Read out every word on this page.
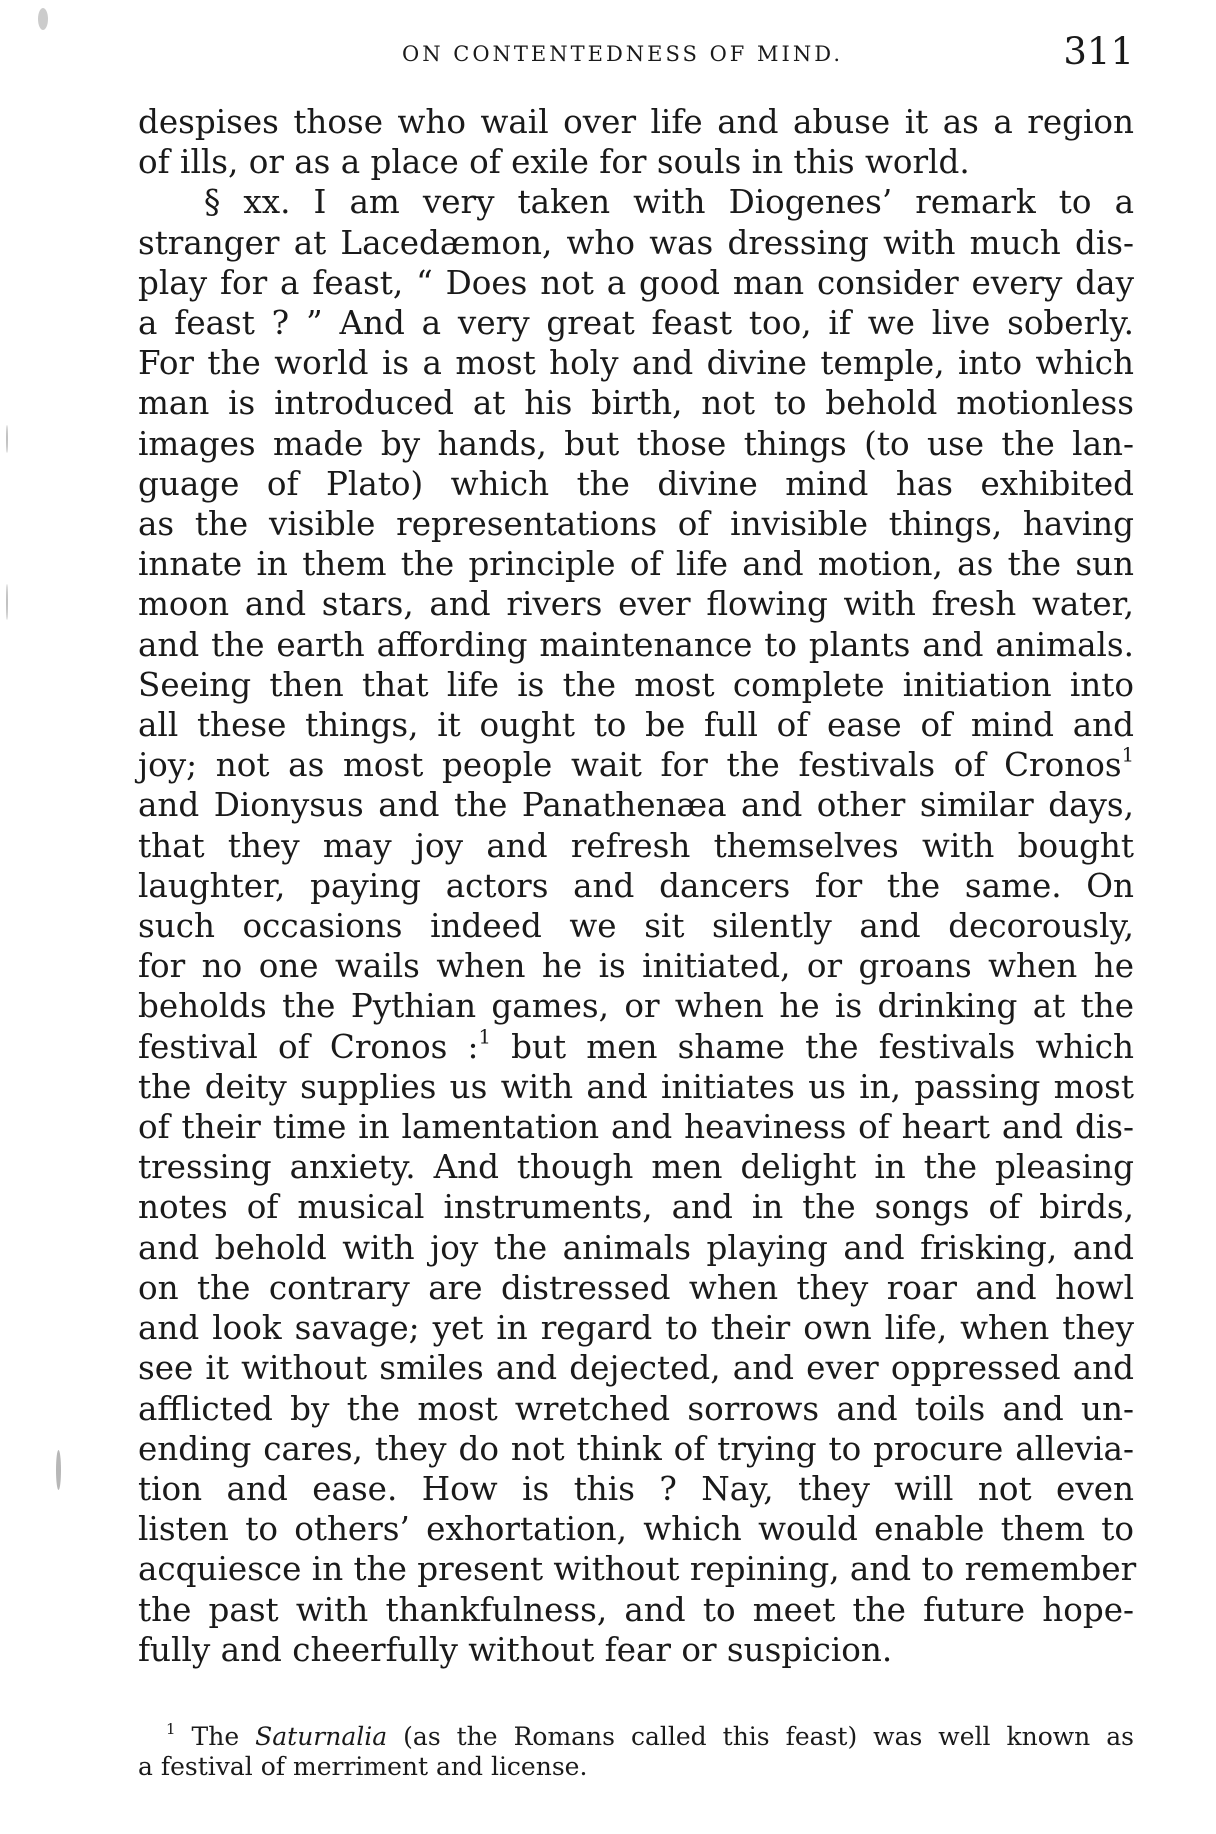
ON CONTENTEDNESS OF MIND.	311
despises those who wail over life and abuse it as a region
of ills, or as a place of exile for souls in this world.
§ xx. I am very taken with Diogenes’ remark to a
stranger at Lacedæmon, who was dressing with much dis-
play for a feast, “ Does not a good man consider every day
a feast ? ” And a very great feast too, if we live soberly.
For the world is a most holy and divine temple, into which
man is introduced at his birth, not to behold motionless
images made by hands, but those things (to use the lan-
guage of Plato) which the divine mind has exhibited
as the visible representations of invisible things, having
innate in them the principle of life and motion, as the sun
moon and stars, and rivers ever flowing with fresh water,
and the earth affording maintenance to plants and animals.
Seeing then that life is the most complete initiation into
all these things, it ought to be full of ease of mind and
joy; not as most people wait for the festivals of Cronos$^1$
and Dionysus and the Panathenæa and other similar days,
that they may joy and refresh themselves with bought
laughter, paying actors and dancers for the same. On
such occasions indeed we sit silently and decorously,
for no one wails when he is initiated, or groans when he
beholds the Pythian games, or when he is drinking at the
festival of Cronos :$^1$ but men shame the festivals which
the deity supplies us with and initiates us in, passing most
of their time in lamentation and heaviness of heart and dis-
tressing anxiety. And though men delight in the pleasing
notes of musical instruments, and in the songs of birds,
and behold with joy the animals playing and frisking, and
on the contrary are distressed when they roar and howl
and look savage; yet in regard to their own life, when they
see it without smiles and dejected, and ever oppressed and
afflicted by the most wretched sorrows and toils and un-
ending cares, they do not think of trying to procure allevia-
tion and ease. How is this ? Nay, they will not even
listen to others’ exhortation, which would enable them to
acquiesce in the present without repining, and to remember
the past with thankfulness, and to meet the future hope-
fully and cheerfully without fear or suspicion.
$^1$ The Saturnalia (as the Romans called this feast) was well known as
a festival of merriment and license.
